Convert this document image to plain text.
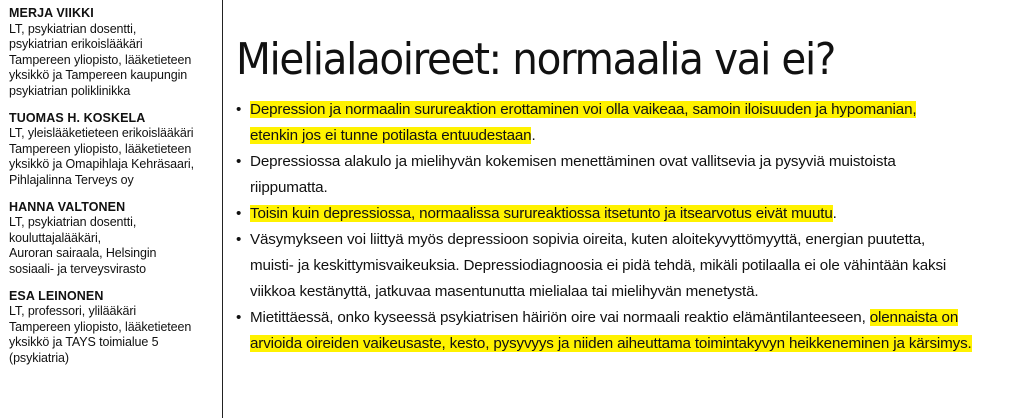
MERJA VIIKKI
LT, psykiatrian dosentti,
psykiatrian erikoislääkäri
Tampereen yliopisto, lääketieteen
yksikkö ja Tampereen kaupungin
psykiatrian poliklinikka
TUOMAS H. KOSKELA
LT, yleislääketieteen erikoislääkäri
Tampereen yliopisto, lääketieteen
yksikkö ja Omapihlaja Kehräsaari,
Pihlajalinna Terveys oy
HANNA VALTONEN
LT, psykiatrian dosentti,
kouluttajalääkäri,
Auroran sairaala, Helsingin
sosiaali- ja terveysvirasto
ESA LEINONEN
LT, professori, ylilääkäri
Tampereen yliopisto, lääketieteen
yksikkö ja TAYS toimialue 5
(psykiatria)
Mielialaoireet: normaalia vai ei?
• Depression ja normaalin surureaktion erottaminen voi olla vaikeaa, samoin iloisuuden ja hypomanian,
etenkin jos ei tunne potilasta entuudestaan.
• Depressiossa alakulo ja mielihyvän kokemisen menettäminen ovat vallitsevia ja pysyviä muistoista
riippumatta.
• Toisin kuin depressiossa, normaalissa surureaktiossa itsetunto ja itsearvotus eivät muutu.
• Väsymykseen voi liittyä myös depressioon sopivia oireita, kuten aloitekyvyttömyyttä, energian puutetta,
muisti- ja keskittymisvaikeuksia. Depressiodiagnoosia ei pidä tehdä, mikäli potilaalla ei ole vähintään kaksi
viikkoa kestänyttä, jatkuvaa masentunutta mielialaa tai mielihyvän menetystä.
• Mietittäessä, onko kyseessä psykiatrisen häiriön oire vai normaali reaktio elämäntilanteeseen, olennaista on
arvioida oireiden vaikeusaste, kesto, pysyvyys ja niiden aiheuttama toimintakyvyn heikkeneminen ja kärsimys.
